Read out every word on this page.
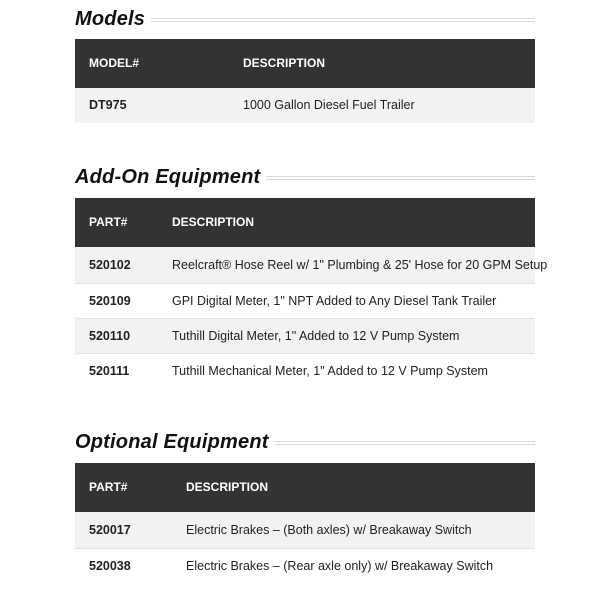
Models
MODEL#	DESCRIPTION
DT975	1000 Gallon Diesel Fuel Trailer
Add-On Equipment
PART#	DESCRIPTION
520102	Reelcraft® Hose Reel w/ 1" Plumbing & 25' Hose for 20 GPM Setup
520109	GPI Digital Meter, 1" NPT Added to Any Diesel Tank Trailer
520110	Tuthill Digital Meter, 1" Added to 12 V Pump System
520111	Tuthill Mechanical Meter, 1" Added to 12 V Pump System
Optional Equipment
PART#	DESCRIPTION
520017	Electric Brakes – (Both axles) w/ Breakaway Switch
520038	Electric Brakes – (Rear axle only) w/ Breakaway Switch
